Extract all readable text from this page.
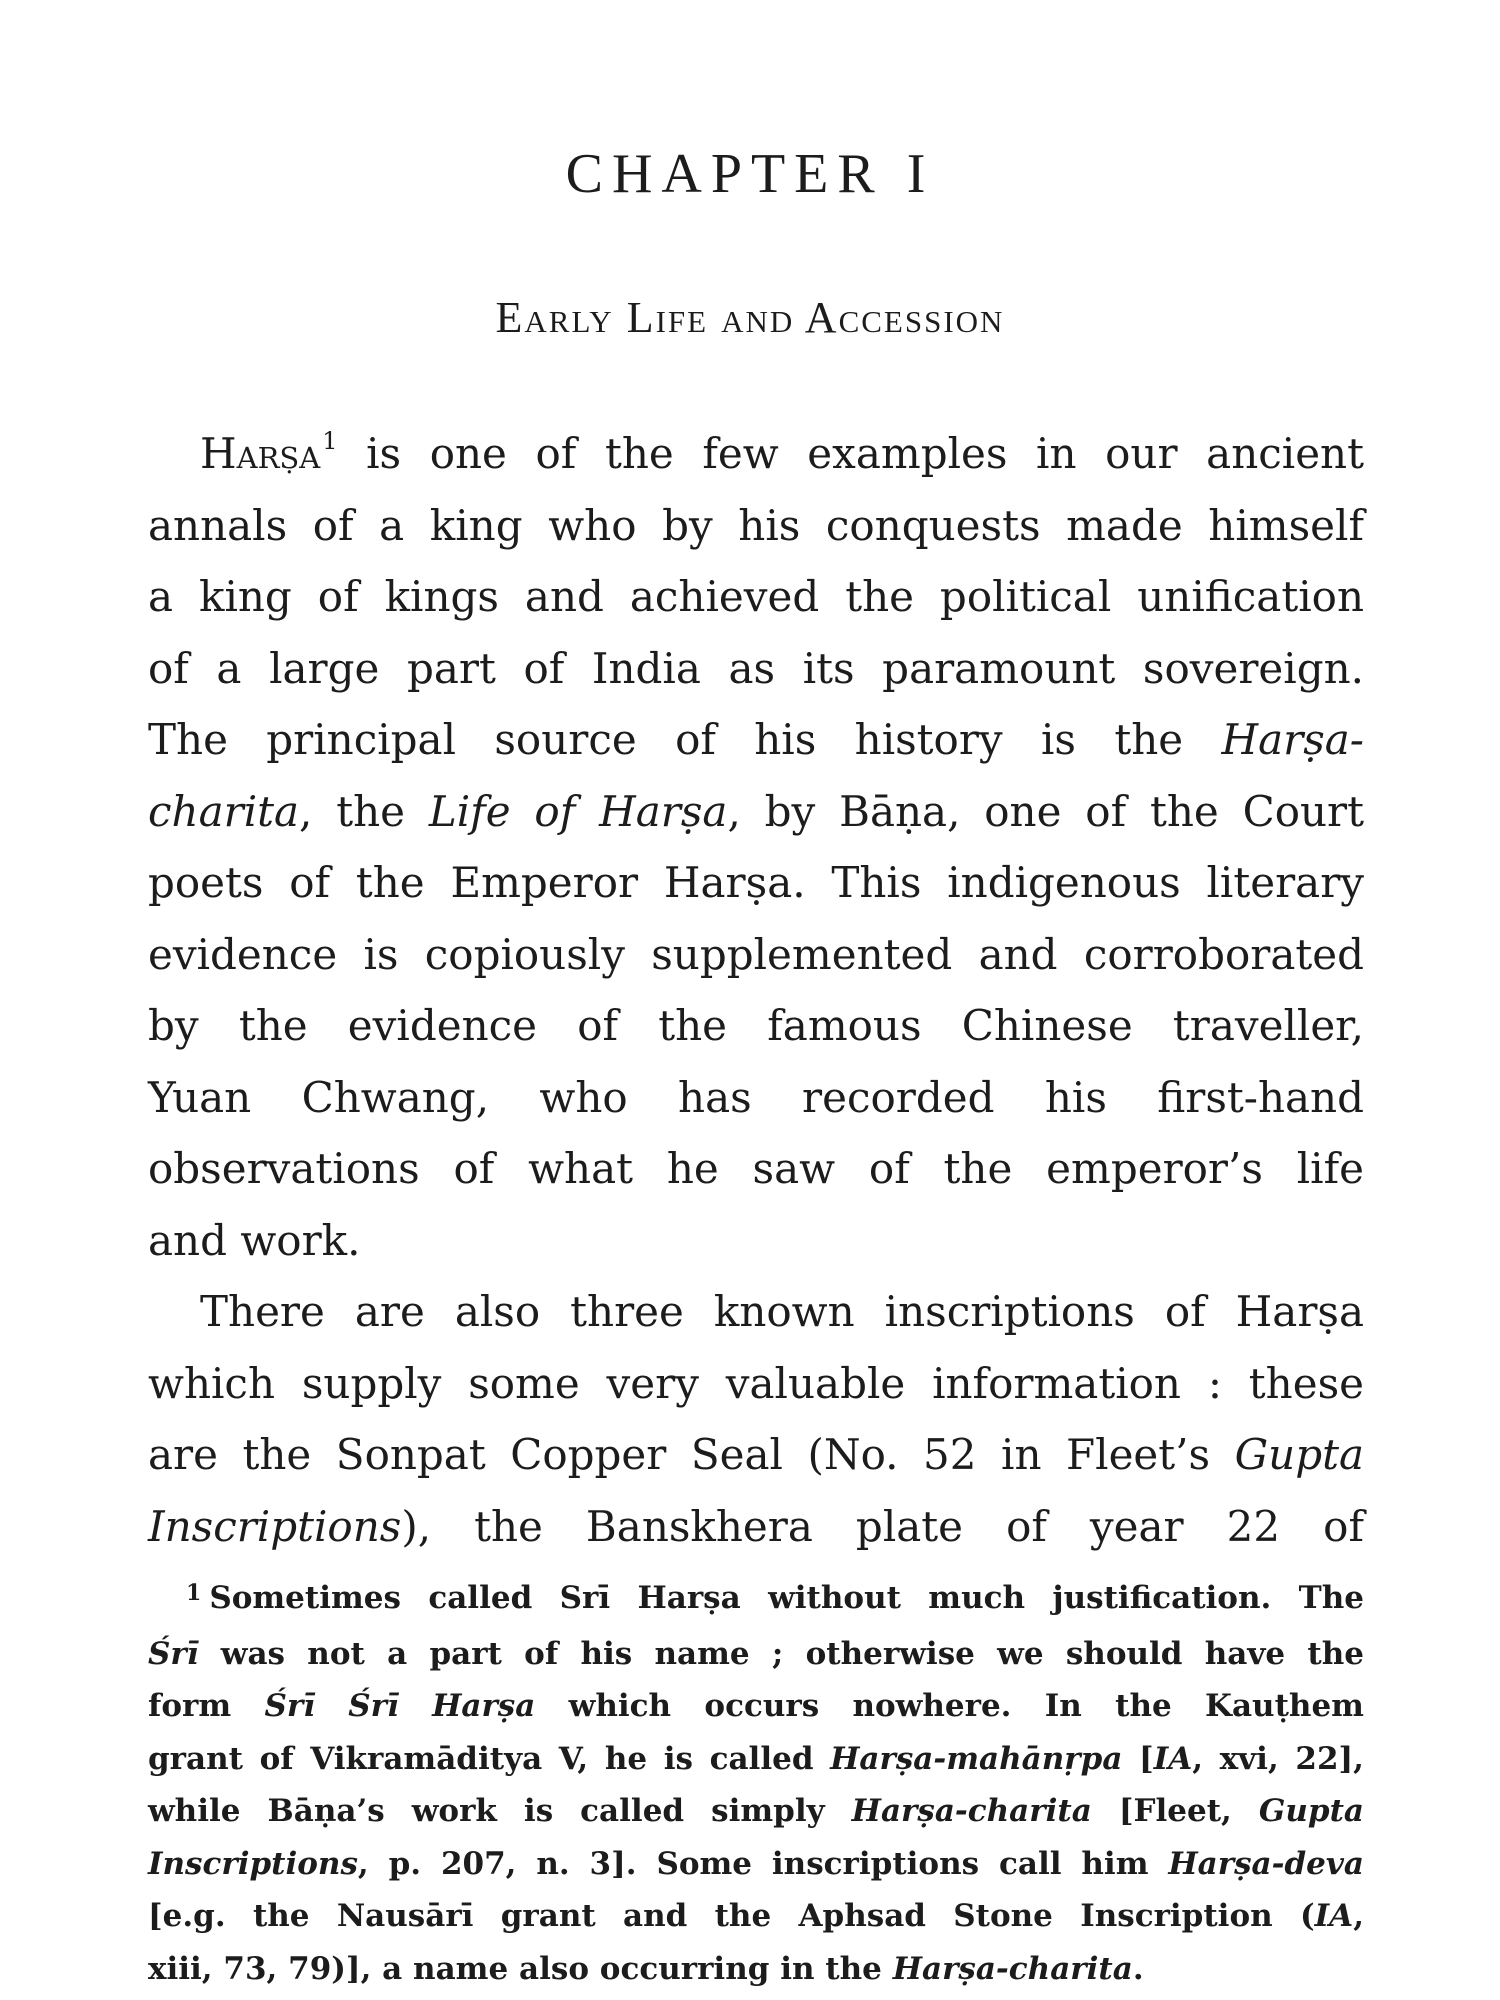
CHAPTER I
Early Life and Accession
Harṣa$^1$ is one of the few examples in our ancient
annals of a king who by his conquests made himself
a king of kings and achieved the political unification
of a large part of India as its paramount sovereign.
The principal source of his history is the Harṣa-
charita, the Life of Harṣa, by Bāṇa, one of the Court
poets of the Emperor Harṣa. This indigenous literary
evidence is copiously supplemented and corroborated
by the evidence of the famous Chinese traveller,
Yuan Chwang, who has recorded his first-hand
observations of what he saw of the emperor’s life
and work.
There are also three known inscriptions of Harṣa
which supply some very valuable information : these
are the Sonpat Copper Seal (No. 52 in Fleet’s Gupta
Inscriptions), the Banskhera plate of year 22 of
$^1$ Sometimes called Srī Harṣa without much justification. The
Śrī was not a part of his name ; otherwise we should have the
form Śrī Śrī Harṣa which occurs nowhere. In the Kauṭhem
grant of Vikramāditya V, he is called Harṣa-mahānṛpa [IA, xvi, 22],
while Bāṇa’s work is called simply Harṣa-charita [Fleet, Gupta
Inscriptions, p. 207, n. 3]. Some inscriptions call him Harṣa-deva
[e.g. the Nausārī grant and the Aphsad Stone Inscription (IA,
xiii, 73, 79)], a name also occurring in the Harṣa-charita.
